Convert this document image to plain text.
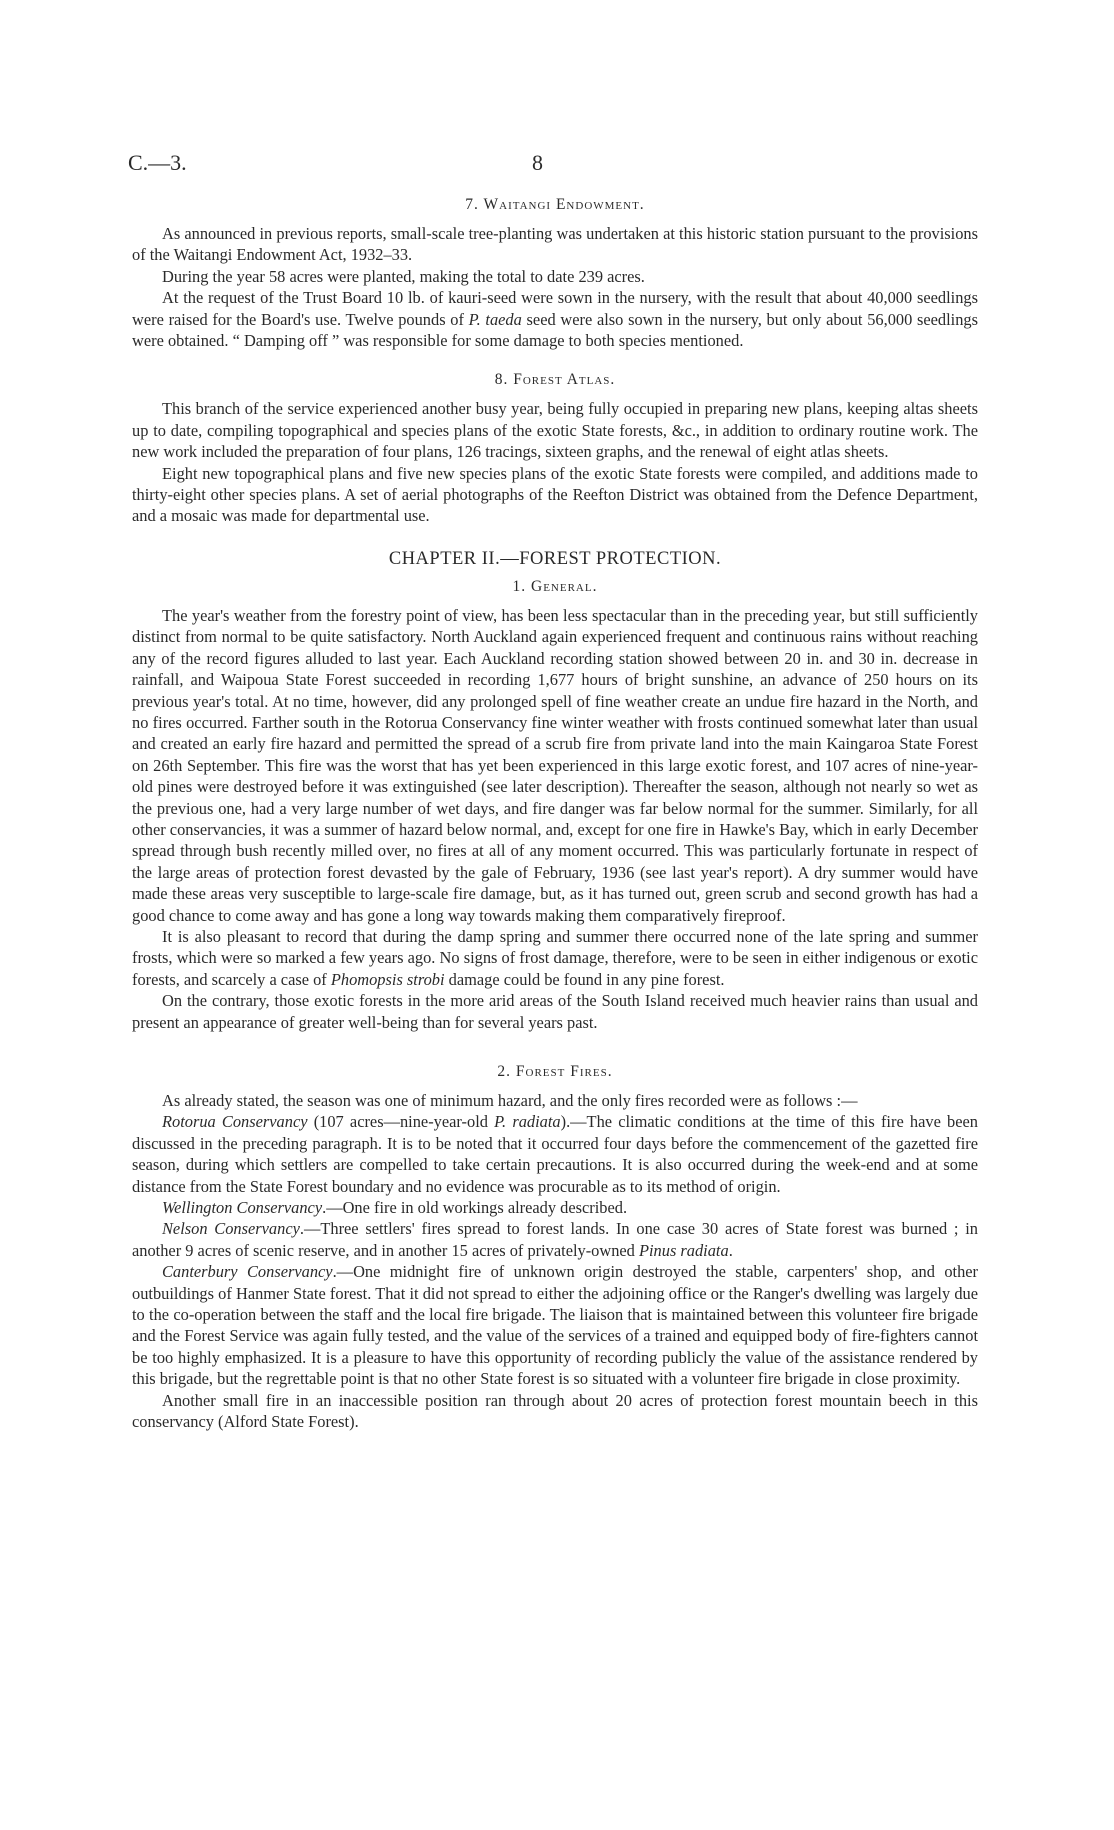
C.—3.	8
7. Waitangi Endowment.

As announced in previous reports, small-scale tree-planting was undertaken at this historic station pursuant to the provisions of the Waitangi Endowment Act, 1932–33.

During the year 58 acres were planted, making the total to date 239 acres.

At the request of the Trust Board 10 lb. of kauri-seed were sown in the nursery, with the result that about 40,000 seedlings were raised for the Board's use. Twelve pounds of P. taeda seed were also sown in the nursery, but only about 56,000 seedlings were obtained. “ Damping off ” was responsible for some damage to both species mentioned.

8. Forest Atlas.

This branch of the service experienced another busy year, being fully occupied in preparing new plans, keeping altas sheets up to date, compiling topographical and species plans of the exotic State forests, &c., in addition to ordinary routine work. The new work included the preparation of four plans, 126 tracings, sixteen graphs, and the renewal of eight atlas sheets.

Eight new topographical plans and five new species plans of the exotic State forests were compiled, and additions made to thirty-eight other species plans. A set of aerial photographs of the Reefton District was obtained from the Defence Department, and a mosaic was made for departmental use.

CHAPTER II.—FOREST PROTECTION.
1. General.

The year's weather from the forestry point of view, has been less spectacular than in the preceding year, but still sufficiently distinct from normal to be quite satisfactory. North Auckland again experienced frequent and continuous rains without reaching any of the record figures alluded to last year. Each Auckland recording station showed between 20 in. and 30 in. decrease in rainfall, and Waipoua State Forest succeeded in recording 1,677 hours of bright sunshine, an advance of 250 hours on its previous year's total. At no time, however, did any prolonged spell of fine weather create an undue fire hazard in the North, and no fires occurred. Farther south in the Rotorua Conservancy fine winter weather with frosts continued somewhat later than usual and created an early fire hazard and permitted the spread of a scrub fire from private land into the main Kaingaroa State Forest on 26th September. This fire was the worst that has yet been experienced in this large exotic forest, and 107 acres of nine-year-old pines were destroyed before it was extinguished (see later description). Thereafter the season, although not nearly so wet as the previous one, had a very large number of wet days, and fire danger was far below normal for the summer. Similarly, for all other conservancies, it was a summer of hazard below normal, and, except for one fire in Hawke's Bay, which in early December spread through bush recently milled over, no fires at all of any moment occurred. This was particularly fortunate in respect of the large areas of protection forest devasted by the gale of February, 1936 (see last year's report). A dry summer would have made these areas very susceptible to large-scale fire damage, but, as it has turned out, green scrub and second growth has had a good chance to come away and has gone a long way towards making them comparatively fireproof.

It is also pleasant to record that during the damp spring and summer there occurred none of the late spring and summer frosts, which were so marked a few years ago. No signs of frost damage, therefore, were to be seen in either indigenous or exotic forests, and scarcely a case of Phomopsis strobi damage could be found in any pine forest.

On the contrary, those exotic forests in the more arid areas of the South Island received much heavier rains than usual and present an appearance of greater well-being than for several years past.

2. Forest Fires.

As already stated, the season was one of minimum hazard, and the only fires recorded were as follows :—

Rotorua Conservancy (107 acres—nine-year-old P. radiata).—The climatic conditions at the time of this fire have been discussed in the preceding paragraph. It is to be noted that it occurred four days before the commencement of the gazetted fire season, during which settlers are compelled to take certain precautions. It is also occurred during the week-end and at some distance from the State Forest boundary and no evidence was procurable as to its method of origin.

Wellington Conservancy.—One fire in old workings already described.

Nelson Conservancy.—Three settlers' fires spread to forest lands. In one case 30 acres of State forest was burned ; in another 9 acres of scenic reserve, and in another 15 acres of privately-owned Pinus radiata.

Canterbury Conservancy.—One midnight fire of unknown origin destroyed the stable, carpenters' shop, and other outbuildings of Hanmer State forest. That it did not spread to either the adjoining office or the Ranger's dwelling was largely due to the co-operation between the staff and the local fire brigade. The liaison that is maintained between this volunteer fire brigade and the Forest Service was again fully tested, and the value of the services of a trained and equipped body of fire-fighters cannot be too highly emphasized. It is a pleasure to have this opportunity of recording publicly the value of the assistance rendered by this brigade, but the regrettable point is that no other State forest is so situated with a volunteer fire brigade in close proximity.

Another small fire in an inaccessible position ran through about 20 acres of protection forest mountain beech in this conservancy (Alford State Forest).
